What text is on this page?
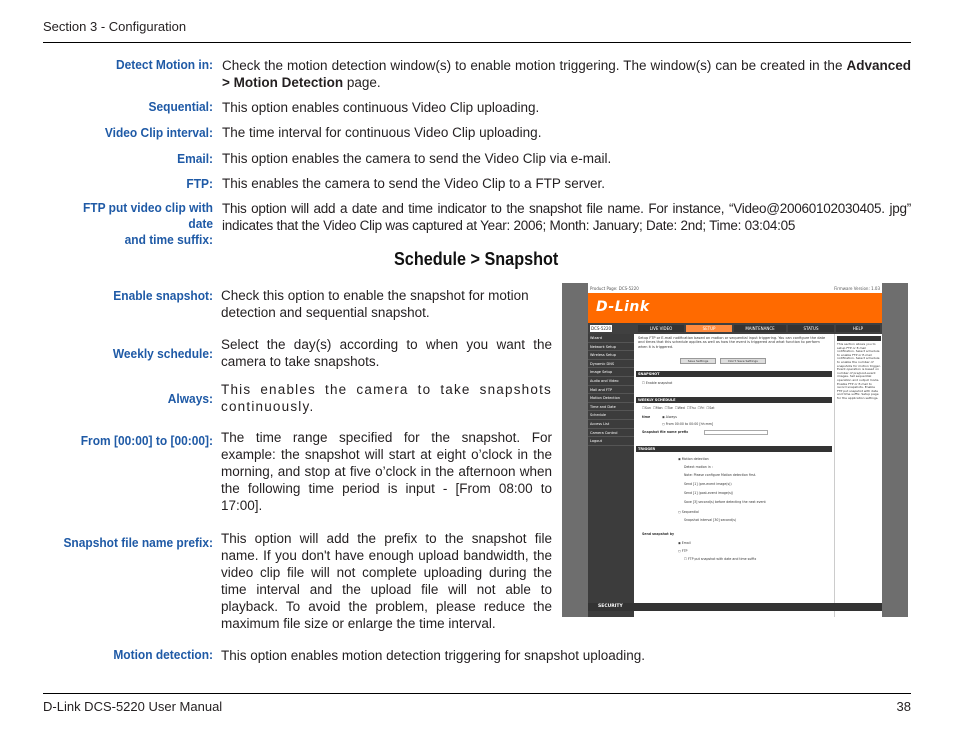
Section 3 - Configuration
Detect Motion in: Check the motion detection window(s) to enable motion triggering. The window(s) can be created in the Advanced > Motion Detection page.
Sequential: This option enables continuous Video Clip uploading.
Video Clip interval: The time interval for continuous Video Clip uploading.
Email: This option enables the camera to send the Video Clip via e-mail.
FTP: This enables the camera to send the Video Clip to a FTP server.
FTP put video clip with date
and time suffix:
This option will add a date and time indicator to the snapshot file name. For instance, “Video@20060102030405. jpg” indicates that the Video Clip was captured at Year: 2006; Month: January; Date: 2nd; Time: 03:04:05
Schedule > Snapshot
Enable snapshot: Check this option to enable the snapshot for motion detection and sequential snapshot.
Weekly schedule:
Select the day(s) according to when you want the camera to take snapshots.
Always:
This enables the camera to take snapshots continuously.
From [00:00] to [00:00]: The time range specified for the snapshot. For example: the snapshot will start at eight o’clock in the morning, and stop at five o’clock in the afternoon when the following time period is input - [From 08:00 to 17:00].
Snapshot file name prefix: This option will add the prefix to the snapshot file name. If you don't have enough upload bandwidth, the video clip file will not complete uploading during the time interval and the upload file will not able to playback. To avoid the problem, please reduce the maximum file size or enlarge the time interval.
Motion detection: This option enables motion detection triggering for snapshot uploading.
Product Page: DCS-5220	Firmware Version: 1.03
D-Link
DCS-5220	LIVE VIDEO	SETUP	MAINTENANCE	STATUS	HELP
Wizard
Network Setup
Wireless Setup
Dynamic DNS
Image Setup
Audio and Video
Mail and FTP
Motion Detection
Time and Date
Schedule
Access List
Camera Control
Logout
Setup FTP or E-mail notification based on motion or sequential input triggering. You can configure the date and times that this schedule applies as well as how the event is triggered and what function to perform when it is triggered.
Save Settings	Don't Save Settings
SNAPSHOT
☐ Enable snapshot
WEEKLY SCHEDULE
☐Sun  ☐Mon  ☐Tue  ☐Wed  ☐Thu  ☐Fri  ☐Sat
time	◉ Always
○ From 00:00 to 00:00 [hh:mm]
Snapshot file name prefix
TRIGGER
◉ Motion detection
Detect motion in :
Note: Please configure Motion detection first.
Send [1] (pre-event image(s))
Send [1] (post-event image(s))
Save [3] second(s) before detecting the next event
○ Sequential
Snapshot interval [30] second(s)
Send snapshot by
◉ Email
○ FTP
☐ FTP put snapshot with date and time suffix
This section allows you to setup FTP or E-mail notification. Select schedule to enable FTP or E-mail notification. Select schedule to enable the number of snapshots for motion trigger. Event operation is based on number of pre/post-event images. Set sequential operation and output mode. Enable FTP or E-mail to record snapshots. Enable FTP put snapshot with date and time suffix. Setup page for the application settings.
SECURITY
D-Link DCS-5220 User Manual	38
